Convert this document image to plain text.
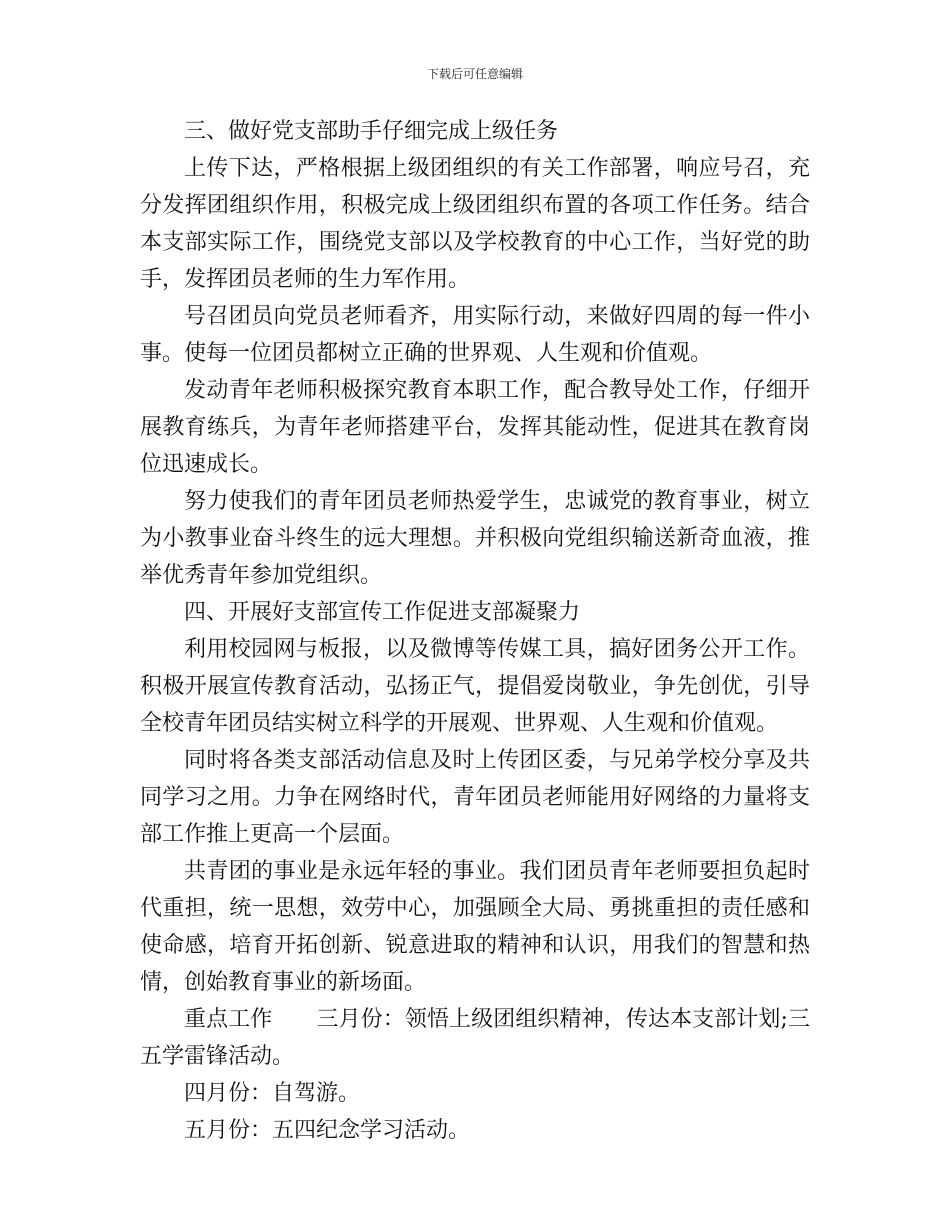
下载后可任意编辑

三、做好党支部助手仔细完成上级任务

上传下达，严格根据上级团组织的有关工作部署，响应号召，充分发挥团组织作用，积极完成上级团组织布置的各项工作任务。结合本支部实际工作，围绕党支部以及学校教育的中心工作，当好党的助手，发挥团员老师的生力军作用。

号召团员向党员老师看齐，用实际行动，来做好四周的每一件小事。使每一位团员都树立正确的世界观、人生观和价值观。

发动青年老师积极探究教育本职工作，配合教导处工作，仔细开展教育练兵，为青年老师搭建平台，发挥其能动性，促进其在教育岗位迅速成长。

努力使我们的青年团员老师热爱学生，忠诚党的教育事业，树立为小教事业奋斗终生的远大理想。并积极向党组织输送新奇血液，推举优秀青年参加党组织。

四、开展好支部宣传工作促进支部凝聚力

利用校园网与板报，以及微博等传媒工具，搞好团务公开工作。积极开展宣传教育活动，弘扬正气，提倡爱岗敬业，争先创优，引导全校青年团员结实树立科学的开展观、世界观、人生观和价值观。

同时将各类支部活动信息及时上传团区委，与兄弟学校分享及共同学习之用。力争在网络时代，青年团员老师能用好网络的力量将支部工作推上更高一个层面。

共青团的事业是永远年轻的事业。我们团员青年老师要担负起时代重担，统一思想，效劳中心，加强顾全大局、勇挑重担的责任感和使命感，培育开拓创新、锐意进取的精神和认识，用我们的智慧和热情，创始教育事业的新场面。

重点工作 三月份：领悟上级团组织精神，传达本支部计划;三五学雷锋活动。

四月份：自驾游。

五月份：五四纪念学习活动。
